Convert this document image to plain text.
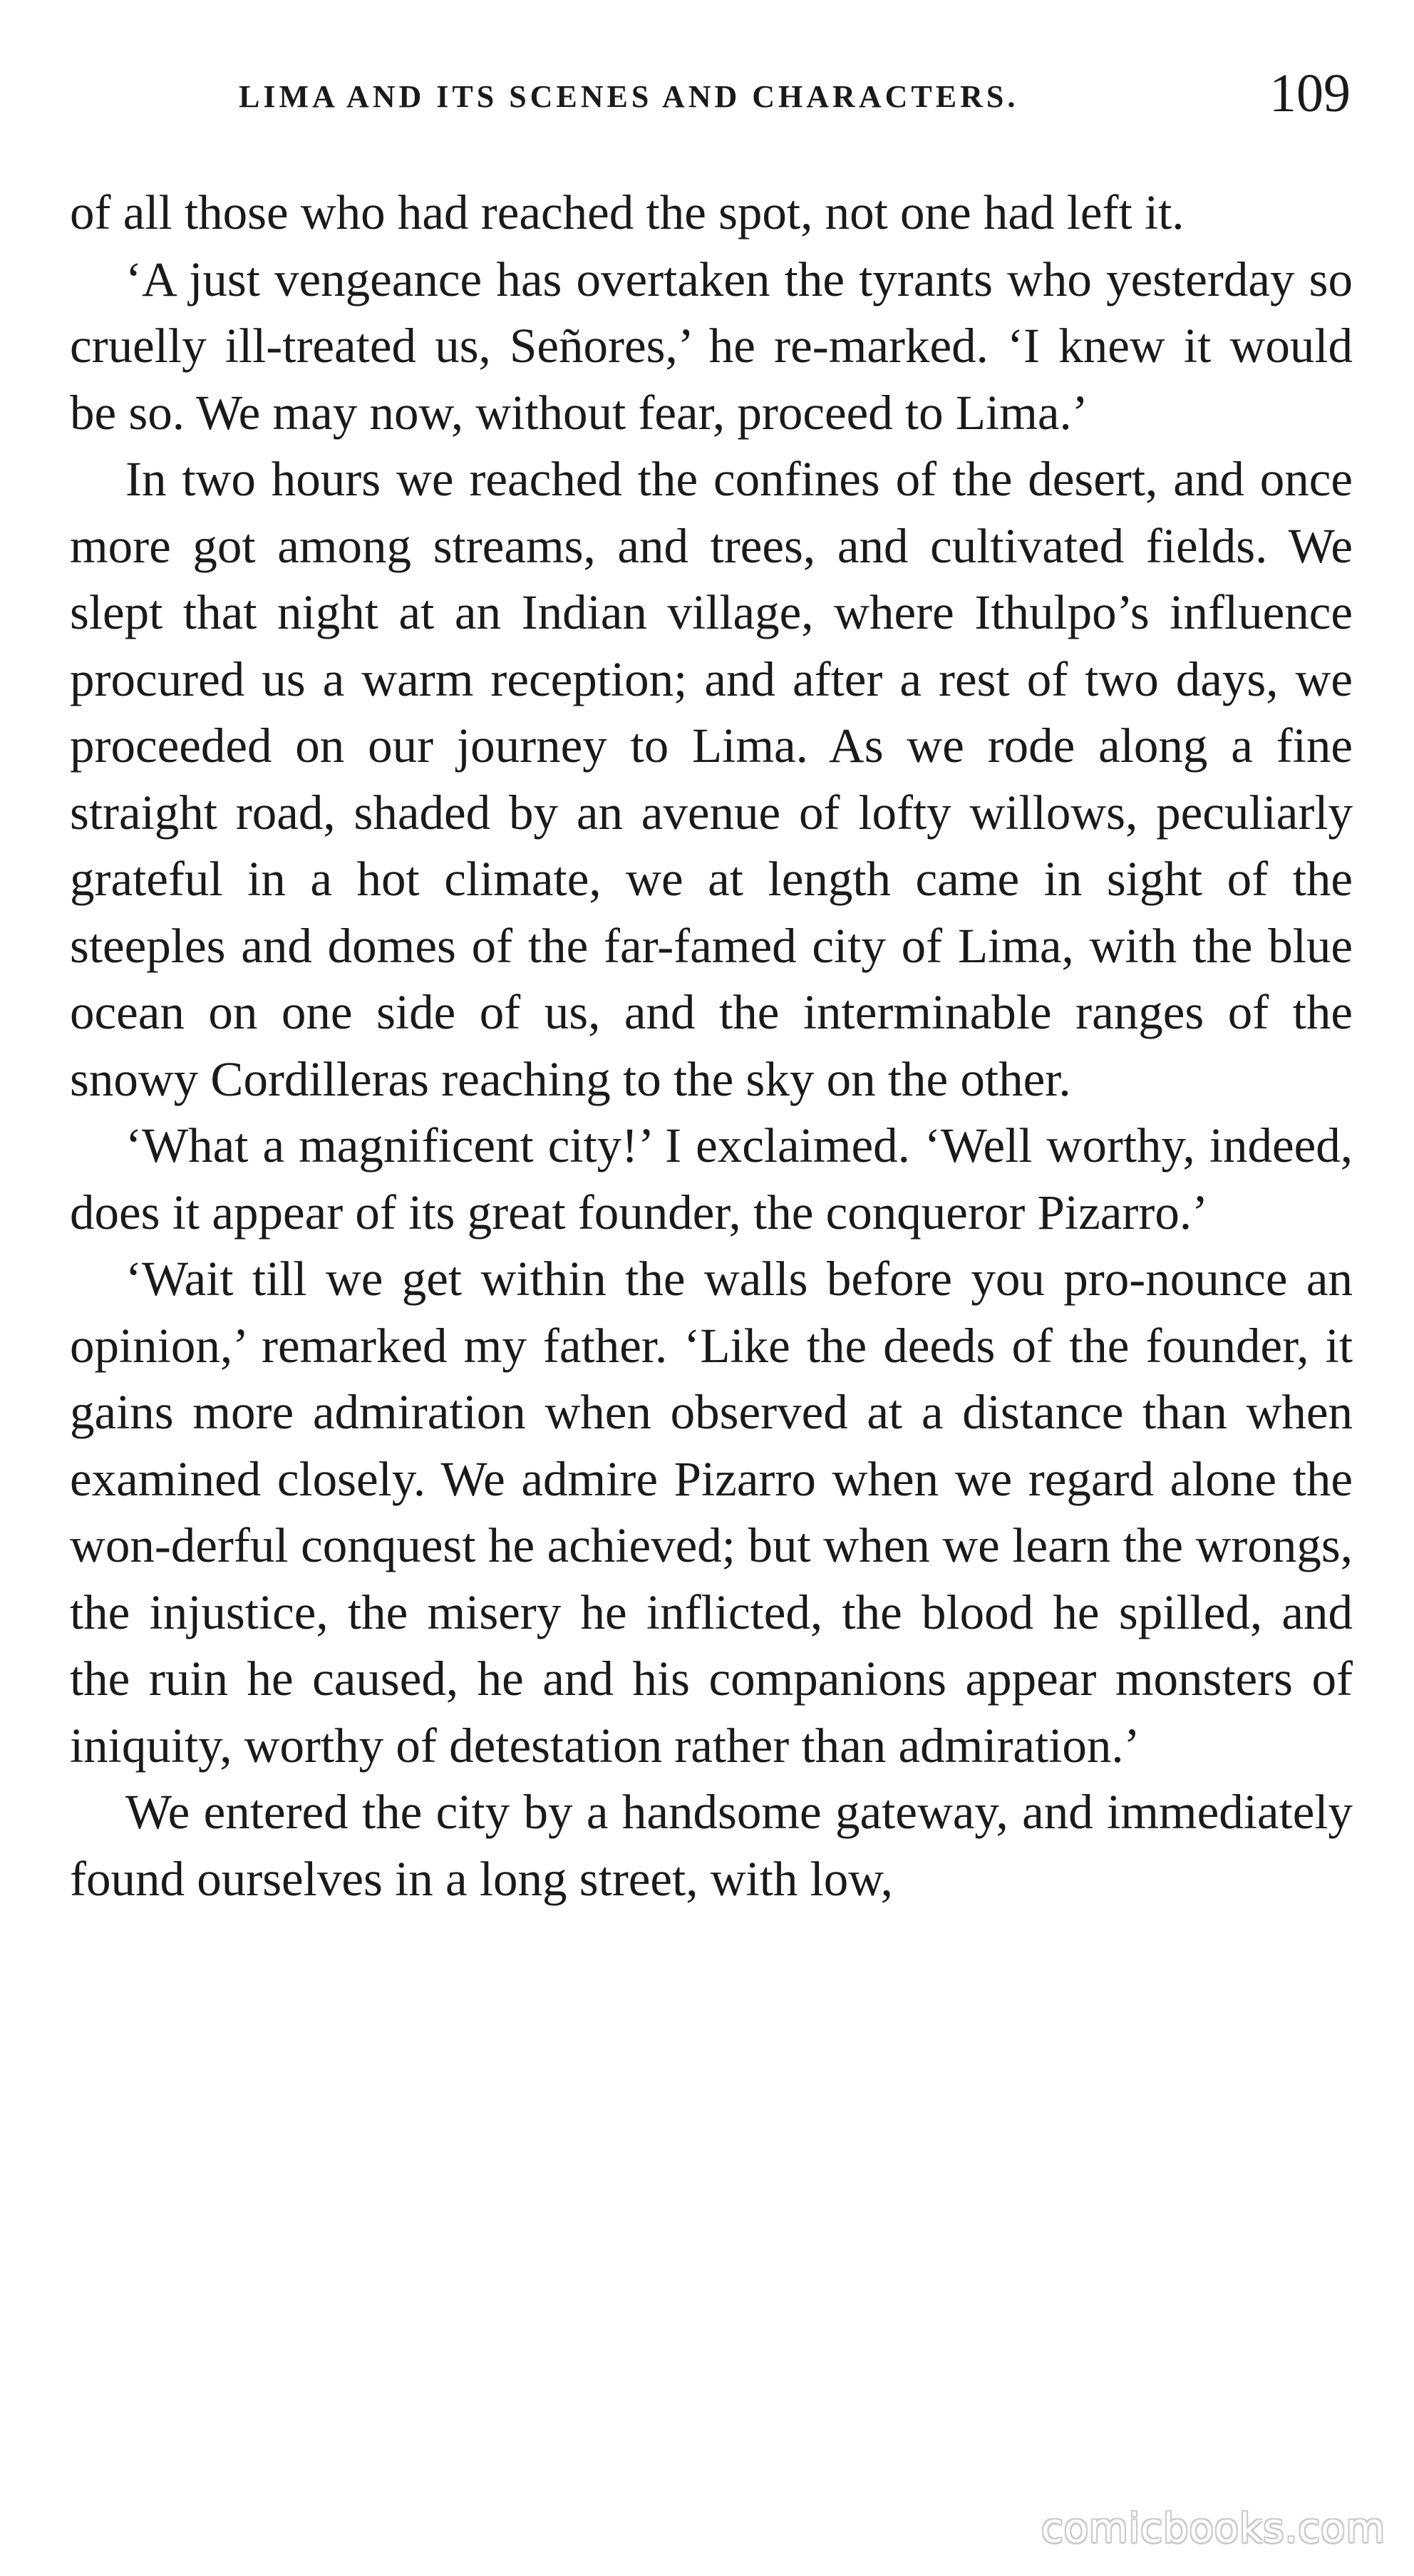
LIMA AND ITS SCENES AND CHARACTERS.	109

of all those who had reached the spot, not one had left it.

‘A just vengeance has overtaken the tyrants who yesterday so cruelly ill-treated us, Señores,’ he re-marked. ‘I knew it would be so. We may now, without fear, proceed to Lima.’

In two hours we reached the confines of the desert, and once more got among streams, and trees, and cultivated fields. We slept that night at an Indian village, where Ithulpo’s influence procured us a warm reception; and after a rest of two days, we proceeded on our journey to Lima. As we rode along a fine straight road, shaded by an avenue of lofty willows, peculiarly grateful in a hot climate, we at length came in sight of the steeples and domes of the far-famed city of Lima, with the blue ocean on one side of us, and the interminable ranges of the snowy Cordilleras reaching to the sky on the other.

‘What a magnificent city!’ I exclaimed. ‘Well worthy, indeed, does it appear of its great founder, the conqueror Pizarro.’

‘Wait till we get within the walls before you pro-nounce an opinion,’ remarked my father. ‘Like the deeds of the founder, it gains more admiration when observed at a distance than when examined closely. We admire Pizarro when we regard alone the won-derful conquest he achieved; but when we learn the wrongs, the injustice, the misery he inflicted, the blood he spilled, and the ruin he caused, he and his companions appear monsters of iniquity, worthy of detestation rather than admiration.’

We entered the city by a handsome gateway, and immediately found ourselves in a long street, with low,

comicbooks.com
